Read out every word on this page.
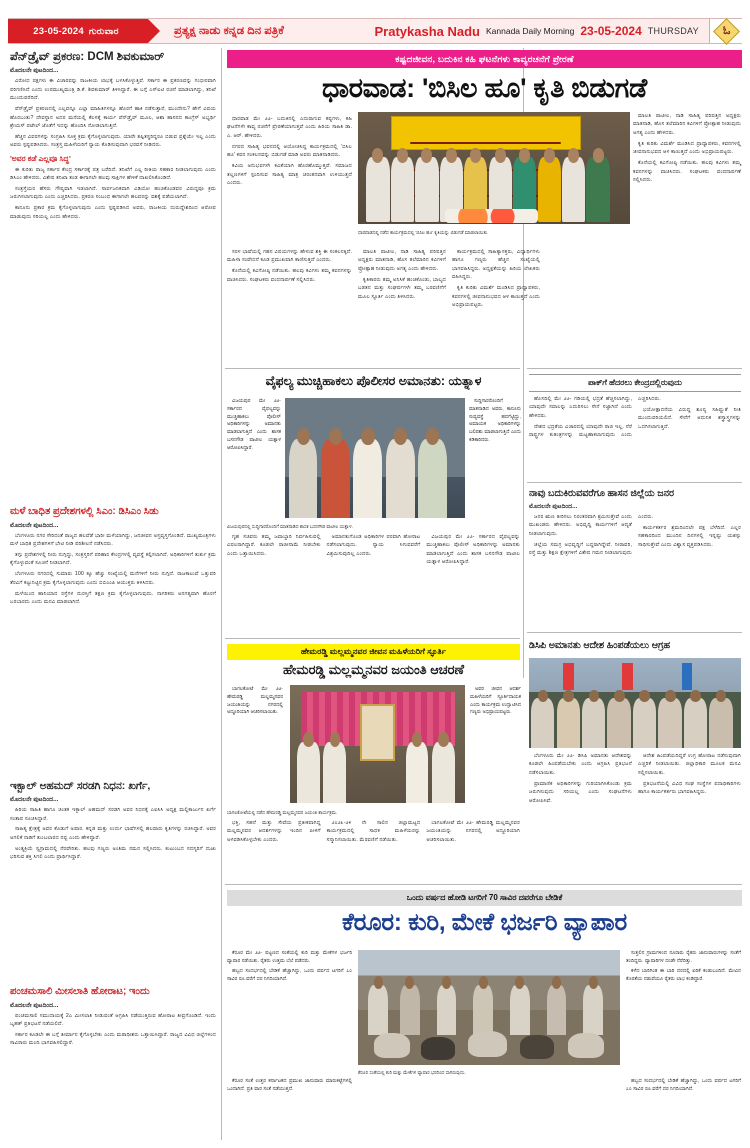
23-05-2024 ಗುರುವಾರ	ಪ್ರತ್ಯಕ್ಷ ನಾಡು ಕನ್ನಡ ದಿನ ಪತ್ರಿಕೆ	Pratykasha Nadu Kannada Daily Morning 23-05-2024 THURSDAY ಓ
ಪೆನ್‌ಡ್ರೈವ್ ಪ್ರಕರಣ: DCM ಶಿವಕುಮಾರ್
ಮೊದಲನೇ ಪುಟದಿಂದ...

ವಿರೋಧ ಪಕ್ಷಗಳು ಈ ವಿಚಾರವನ್ನು ರಾಜಕೀಯ ಲಾಭಕ್ಕೆ ಬಳಸಿಕೊಳ್ಳುತ್ತಿವೆ. ಸರ್ಕಾರ ಈ ಪ್ರಕರಣವನ್ನು ಗಂಭೀರವಾಗಿ ಪರಿಗಣಿಸಿದೆ ಎಂದು ಉಪಮುಖ್ಯಮಂತ್ರಿ ಡಿ.ಕೆ. ಶಿವಕುಮಾರ್ ತಿಳಿಸಿದ್ದಾರೆ. ಈ ಬಗ್ಗೆ ಎಸ್‌ಐಟಿ ರಚನೆ ಮಾಡಲಾಗಿದ್ದು, ತನಿಖೆ ಮುಂದುವರೆದಿದೆ.

ಪೆನ್‌ಡ್ರೈವ್ ಪ್ರಕರಣದಲ್ಲಿ ಎಲ್ಲವನ್ನೂ ಎಲ್ಲಾ ಮಾಹಿತಿಗಳನ್ನೂ ಹೊರಗೆ ಹಾಕಿ ನಡೆಸುತ್ತಾರೆ, ಮುಂದೇನು? ಹೇಗೆ ವಿಷಯ ಹೊರಬಂತು? ದೇವಸ್ಥಾನ ಅದರ ಮನೆಯಲ್ಲಿ ಕೆಲಸಕ್ಕೆ ಕಾರ್ಯ ಪೆನ್‌ಡ್ರೈವ್ ಮೂಲ, ಆಶಾ ಹಾಸನದ ಕಾಂಗ್ರೆಸ್ ಅಭ್ಯರ್ಥಿ ಶ್ರೇಯಸ್‌ ಪಟೇಲ್‌ ಜೊತೆಗೆ ಇದನ್ನು ಹೊಂದಿಸಿ ನೋಡಲಾಗುತ್ತಿದೆ.

ಹೆಚ್ಚಿನ ವಿವರಗಳನ್ನು ಸಂಗ್ರಹಿಸಿ ಸೂಕ್ತ ಕ್ರಮ ಕೈಗೊಳ್ಳಲಾಗುವುದು. ಯಾರೇ ತಪ್ಪಿತಸ್ಥರಿದ್ದರೂ ಬಿಡುವ ಪ್ರಶ್ನೆಯೇ ಇಲ್ಲ ಎಂದು ಅವರು ಸ್ಪಷ್ಟಪಡಿಸಿದರು. ಸಂತ್ರಸ್ತ ಮಹಿಳೆಯರಿಗೆ ನ್ಯಾಯ ಕೊಡಿಸುವುದಾಗಿ ಭರವಸೆ ನೀಡಿದರು.

'ಅವರ ಕಡೆ ಎಲ್ಲವೂ ಸಿದ್ಧ'

ಈ ಕುರಿತು ರಾಜ್ಯ ಸರ್ಕಾರ ಕೇಂದ್ರ ಸರ್ಕಾರಕ್ಕೆ ಪತ್ರ ಬರೆದಿದೆ. ತನಿಖೆಗೆ ಎಲ್ಲ ರೀತಿಯ ಸಹಕಾರ ನೀಡಲಾಗುವುದು ಎಂದು ಡಿಸಿಎಂ ಹೇಳಿದರು. ವಿಶೇಷ ತನಿಖಾ ತಂಡ ಈಗಾಗಲೇ ಹಲವು ಸಾಕ್ಷಿಗಳ ಹೇಳಿಕೆ ದಾಖಲಿಸಿಕೊಂಡಿದೆ.

ಸಂತ್ರಸ್ತೆಯರ ಹೆಸರು ಗೌಪ್ಯವಾಗಿ ಇಡಲಾಗಿದೆ. ಸಾರ್ವಜನಿಕವಾಗಿ ವಿಡಿಯೋ ಹಂಚಿಕೊಂಡವರ ವಿರುದ್ಧವೂ ಕ್ರಮ ಜರುಗಿಸಲಾಗುವುದು ಎಂದು ಎಚ್ಚರಿಸಿದರು. ಪ್ರಕರಣ ಸಂಬಂಧ ಈಗಾಗಲೇ ಹಲವರನ್ನು ವಶಕ್ಕೆ ಪಡೆಯಲಾಗಿದೆ.

ಕಾನೂನು ಪ್ರಕಾರ ಕ್ರಮ ಕೈಗೊಳ್ಳಲಾಗುವುದು ಎಂದು ಸ್ಪಷ್ಟಪಡಿಸಿದ ಅವರು, ರಾಜಕೀಯ ದುರುದ್ದೇಶದಿಂದ ಆರೋಪ ಮಾಡುವುದು ಸರಿಯಲ್ಲ ಎಂದು ಹೇಳಿದರು.

ಮಳೆ ಬಾಧಿತ ಪ್ರದೇಶಗಳಲ್ಲಿ ಸಿಎಂ: ಡಿಸಿಎಂ ಸಿಡು
ಮೊದಲನೇ ಪುಟದಿಂದ...

ಬೆಂಗಳೂರು ನಗರ ಸೇರಿದಂತೆ ರಾಜ್ಯದ ಹಲವೆಡೆ ಭಾರೀ ಮಳೆಯಾಗಿದ್ದು, ಜನಜೀವನ ಅಸ್ತವ್ಯಸ್ತಗೊಂಡಿದೆ. ಮುಖ್ಯಮಂತ್ರಿಗಳು ಮಳೆ ಬಾಧಿತ ಪ್ರದೇಶಗಳಿಗೆ ಭೇಟಿ ನೀಡಿ ಪರಿಶೀಲನೆ ನಡೆಸಿದರು.

ತಗ್ಗು ಪ್ರದೇಶಗಳಲ್ಲಿ ನೀರು ನುಗ್ಗಿದ್ದು, ಸಂತ್ರಸ್ತರಿಗೆ ಪರಿಹಾರ ಕೇಂದ್ರಗಳಲ್ಲಿ ವ್ಯವಸ್ಥೆ ಕಲ್ಪಿಸಲಾಗಿದೆ. ಅಧಿಕಾರಿಗಳಿಗೆ ತುರ್ತು ಕ್ರಮ ಕೈಗೊಳ್ಳುವಂತೆ ಸೂಚನೆ ನೀಡಲಾಗಿದೆ.

ಬೆಂಗಳೂರು ನಗರದಲ್ಲಿ ಸುಮಾರು 100 ಕ್ಕೂ ಹೆಚ್ಚು ಸಂಖ್ಯೆಯಲ್ಲಿ ಮನೆಗಳಿಗೆ ನೀರು ನುಗ್ಗಿದೆ. ರಾಜಕಾಲುವೆ ಒತ್ತುವರಿ ತೆರವಿಗೆ ಕಟ್ಟುನಿಟ್ಟಿನ ಕ್ರಮ ಕೈಗೊಳ್ಳಲಾಗುವುದು ಎಂದು ಬಿಬಿಎಂಪಿ ಆಯುಕ್ತರು ತಿಳಿಸಿದರು.

ಮಳೆಯಿಂದ ಹಾನಿಯಾದ ರಸ್ತೆಗಳ ದುರಸ್ತಿಗೆ ತಕ್ಷಣ ಕ್ರಮ ಕೈಗೊಳ್ಳಲಾಗುವುದು. ನಾಗರಿಕರು ಅನಗತ್ಯವಾಗಿ ಹೊರಗೆ ಬರಬಾರದು ಎಂದು ಮನವಿ ಮಾಡಲಾಗಿದೆ.

ಇಕ್ಬಾಲ್ ಅಹಮದ್ ಸರಡಗಿ ನಿಧನ: ಖರ್ಗೆ,
ಮೊದಲನೇ ಪುಟದಿಂದ...

ಹಿರಿಯ ಸಾಹಿತಿ ಹಾಗೂ ಚಿಂತಕ ಇಕ್ಬಾಲ್ ಅಹಮದ್ ಸರಡಗಿ ಅವರ ನಿಧನಕ್ಕೆ ಎಐಸಿಸಿ ಅಧ್ಯಕ್ಷ ಮಲ್ಲಿಕಾರ್ಜುನ ಖರ್ಗೆ ಸಂತಾಪ ಸೂಚಿಸಿದ್ದಾರೆ.

ಸಾಹಿತ್ಯ ಕ್ಷೇತ್ರಕ್ಕೆ ಅವರ ಕೊಡುಗೆ ಅಪಾರ. ಕನ್ನಡ ಮತ್ತು ಉರ್ದು ಭಾಷೆಗಳಲ್ಲಿ ಹಲವಾರು ಕೃತಿಗಳನ್ನು ರಚಿಸಿದ್ದಾರೆ. ಅವರ ಅಗಲಿಕೆ ನಾಡಿಗೆ ತುಂಬಲಾರದ ನಷ್ಟ ಎಂದು ಹೇಳಿದ್ದಾರೆ.

ಅಂತ್ಯಕ್ರಿಯೆ ಸ್ವಗ್ರಾಮದಲ್ಲಿ ನೆರವೇರಿತು. ಹಲವು ಗಣ್ಯರು ಅಂತಿಮ ನಮನ ಸಲ್ಲಿಸಿದರು. ಕುಟುಂಬದ ಸದಸ್ಯರಿಗೆ ದುಃಖ ಭರಿಸುವ ಶಕ್ತಿ ಸಿಗಲಿ ಎಂದು ಪ್ರಾರ್ಥಿಸಿದ್ದಾರೆ.

ಪಂಚಮಸಾಲಿ ಮೀಸಲಾತಿ ಹೋರಾಟ; ಇಂದು
ಮೊದಲನೇ ಪುಟದಿಂದ...

ಪಂಚಮಸಾಲಿ ಸಮುದಾಯಕ್ಕೆ 2ಎ ಮೀಸಲಾತಿ ನೀಡುವಂತೆ ಆಗ್ರಹಿಸಿ ನಡೆಯುತ್ತಿರುವ ಹೋರಾಟ ತೀವ್ರಗೊಂಡಿದೆ. ಇಂದು ಬೃಹತ್ ಪ್ರತಿಭಟನೆ ನಡೆಯಲಿದೆ.

ಸರ್ಕಾರ ಕೂಡಲೇ ಈ ಬಗ್ಗೆ ತೀರ್ಮಾನ ಕೈಗೊಳ್ಳಬೇಕು ಎಂದು ಮಠಾಧೀಶರು ಒತ್ತಾಯಿಸಿದ್ದಾರೆ. ರಾಜ್ಯದ ವಿವಿಧ ಜಿಲ್ಲೆಗಳಿಂದ ಸಾವಿರಾರು ಮಂದಿ ಭಾಗವಹಿಸಲಿದ್ದಾರೆ.

ಕಷ್ಟದಜೀವನ, ಬದುಕಿನ ಕಹಿ ಘಟನೆಗಳು ಕಾವ್ಯರಚನೆಗೆ ಪ್ರೇರಣೆ
ಧಾರವಾಡ: 'ಬಿಸಿಲ ಹೂ' ಕೃತಿ ಬಿಡುಗಡೆ

ಧಾರವಾಡ ಮೇ ೨೨- ಬದುಕಿನಲ್ಲಿ ಎದುರಾಗುವ ಕಷ್ಟಗಳು, ಕಹಿ ಘಟನೆಗಳೇ ಕಾವ್ಯ ರಚನೆಗೆ ಪ್ರೇರಣೆಯಾಗುತ್ತವೆ ಎಂದು ಹಿರಿಯ ಸಾಹಿತಿ ಡಾ. ಎ. ಆರ್. ಹೇಳಿದರು.

ನಗರದ ಸಾಹಿತ್ಯ ಭವನದಲ್ಲಿ ಆಯೋಜಿಸಿದ್ದ ಕಾರ್ಯಕ್ರಮದಲ್ಲಿ 'ಬಿಸಿಲ ಹೂ' ಕವನ ಸಂಕಲನವನ್ನು ಬಿಡುಗಡೆ ಮಾಡಿ ಅವರು ಮಾತನಾಡಿದರು.

ಕವಿಯ ಅನುಭವಗಳೇ ಕವಿತೆಯಾಗಿ ಹೊರಹೊಮ್ಮುತ್ತವೆ. ಸಮಾಜದ ತಲ್ಲಣಗಳಿಗೆ ಸ್ಪಂದಿಸುವ ಸಾಹಿತ್ಯ ಮಾತ್ರ ಚಿರಂತನವಾಗಿ ಉಳಿಯುತ್ತದೆ ಎಂದರು.

ಧಾರವಾಡದಲ್ಲಿ ನಡೆದ ಕಾರ್ಯಕ್ರಮದಲ್ಲಿ 'ಬಿಸಿಲ ಹೂ' ಕೃತಿಯನ್ನು ಬಿಡುಗಡೆ ಮಾಡಲಾಯಿತು.

ಮಾಲತಿ ಪಾಟೀಲ, ನಾಡಿ ಸಾಹಿತ್ಯ ಪರಿಷತ್ತಿನ ಅಧ್ಯಕ್ಷರು ಮಾತನಾಡಿ, ಹೊಸ ತಲೆಮಾರಿನ ಕವಿಗಳಿಗೆ ಪ್ರೋತ್ಸಾಹ ನೀಡುವುದು ಅಗತ್ಯ ಎಂದು ಹೇಳಿದರು.

ಕೃತಿಕಾರರು ತಮ್ಮ ಅನಿಸಿಕೆ ಹಂಚಿಕೊಂಡು, ಬಾಲ್ಯದ ಬಡತನ ಮತ್ತು ಸಂಘರ್ಷಗಳೇ ತಮ್ಮ ಬರವಣಿಗೆಗೆ ಮೂಲ ಸ್ಫೂರ್ತಿ ಎಂದು ತಿಳಿಸಿದರು.

ಕಾರ್ಯಕ್ರಮದಲ್ಲಿ ಸಾಹಿತ್ಯಾಸಕ್ತರು, ವಿದ್ಯಾರ್ಥಿಗಳು ಹಾಗೂ ಗಣ್ಯರು ಹೆಚ್ಚಿನ ಸಂಖ್ಯೆಯಲ್ಲಿ ಭಾಗವಹಿಸಿದ್ದರು. ಅಧ್ಯಕ್ಷತೆಯನ್ನು ಹಿರಿಯ ಲೇಖಕರು ವಹಿಸಿದ್ದರು.

ಕೃತಿ ಕುರಿತು ವಿಮರ್ಶೆ ಮಂಡಿಸಿದ ಪ್ರಾಧ್ಯಾಪಕರು, ಕವನಗಳಲ್ಲಿ ಜೀವನಾನುಭವದ ಆಳ ಕಾಣುತ್ತದೆ ಎಂದು ಅಭಿಪ್ರಾಯಪಟ್ಟರು.

ಸರಳ ಭಾಷೆಯಲ್ಲಿ ಗಹನ ವಿಷಯಗಳನ್ನು ಹೇಳುವ ಶಕ್ತಿ ಈ ಸಂಕಲನಕ್ಕಿದೆ. ಮಹಿಳಾ ಸಂವೇದನೆ ಕೂಡ ಪ್ರಮುಖವಾಗಿ ಕಾಣಿಸುತ್ತದೆ ಎಂದರು.

ಕೊನೆಯಲ್ಲಿ ಕವಿಗೋಷ್ಠಿ ನಡೆಯಿತು. ಹಲವು ಕವಿಗಳು ತಮ್ಮ ಕವನಗಳನ್ನು ವಾಚಿಸಿದರು. ಸಂಘಟಕರು ವಂದನಾರ್ಪಣೆ ಸಲ್ಲಿಸಿದರು.

ಮಾಲತಿ ಪಾಟೀಲ, ನಾಡಿ ಸಾಹಿತ್ಯ ಪರಿಷತ್ತಿನ ಅಧ್ಯಕ್ಷರು ಮಾತನಾಡಿ, ಹೊಸ ತಲೆಮಾರಿನ ಕವಿಗಳಿಗೆ ಪ್ರೋತ್ಸಾಹ ನೀಡುವುದು ಅಗತ್ಯ ಎಂದು ಹೇಳಿದರು.

ಕೃತಿ ಕುರಿತು ವಿಮರ್ಶೆ ಮಂಡಿಸಿದ ಪ್ರಾಧ್ಯಾಪಕರು, ಕವನಗಳಲ್ಲಿ ಜೀವನಾನುಭವದ ಆಳ ಕಾಣುತ್ತದೆ ಎಂದು ಅಭಿಪ್ರಾಯಪಟ್ಟರು.

ಕೊನೆಯಲ್ಲಿ ಕವಿಗೋಷ್ಠಿ ನಡೆಯಿತು. ಹಲವು ಕವಿಗಳು ತಮ್ಮ ಕವನಗಳನ್ನು ವಾಚಿಸಿದರು. ಸಂಘಟಕರು ವಂದನಾರ್ಪಣೆ ಸಲ್ಲಿಸಿದರು.

ವೈಫಲ್ಯ ಮುಚ್ಚಿಹಾಕಲು ಪೊಲೀಸರ ಅಮಾನತು: ಯತ್ನಾಳ

ವಿಜಯಪುರ ಮೇ ೨೨- ಸರ್ಕಾರದ ವೈಫಲ್ಯವನ್ನು ಮುಚ್ಚಿಹಾಕಲು ಪೊಲೀಸ್ ಅಧಿಕಾರಿಗಳನ್ನು ಅಮಾನತು ಮಾಡಲಾಗುತ್ತಿದೆ ಎಂದು ಶಾಸಕ ಬಸನಗೌಡ ಪಾಟೀಲ ಯತ್ನಾಳ ಆರೋಪಿಸಿದ್ದಾರೆ.

ಸುದ್ದಿಗಾರರೊಂದಿಗೆ ಮಾತನಾಡಿದ ಅವರು, ಕಾನೂನು ಸುವ್ಯವಸ್ಥೆ ಹದಗೆಟ್ಟಿದ್ದು, ಅಮಾಯಕ ಅಧಿಕಾರಿಗಳನ್ನು ಬಲಿಪಶು ಮಾಡಲಾಗುತ್ತಿದೆ ಎಂದು ಕಿಡಿಕಾರಿದರು.

ವಿಜಯಪುರದಲ್ಲಿ ಸುದ್ದಿಗಾರರೊಂದಿಗೆ ಮಾತನಾಡಿದ ಶಾಸಕ ಬಸನಗೌಡ ಪಾಟೀಲ ಯತ್ನಾಳ.

ಗೃಹ ಸಚಿವರು ತಮ್ಮ ಜವಾಬ್ದಾರಿ ನಿರ್ವಹಿಸುವಲ್ಲಿ ವಿಫಲರಾಗಿದ್ದಾರೆ. ಕೂಡಲೇ ರಾಜೀನಾಮೆ ನೀಡಬೇಕು ಎಂದು ಒತ್ತಾಯಿಸಿದರು.

ಅಮಾನತುಗೊಂಡ ಅಧಿಕಾರಿಗಳ ಪರವಾಗಿ ಹೋರಾಟ ನಡೆಸಲಾಗುವುದು. ನ್ಯಾಯ ಸಿಗುವವರೆಗೆ ವಿಶ್ರಮಿಸುವುದಿಲ್ಲ ಎಂದರು.

ವಿಜಯಪುರ ಮೇ ೨೨- ಸರ್ಕಾರದ ವೈಫಲ್ಯವನ್ನು ಮುಚ್ಚಿಹಾಕಲು ಪೊಲೀಸ್ ಅಧಿಕಾರಿಗಳನ್ನು ಅಮಾನತು ಮಾಡಲಾಗುತ್ತಿದೆ ಎಂದು ಶಾಸಕ ಬಸನಗೌಡ ಪಾಟೀಲ ಯತ್ನಾಳ ಆರೋಪಿಸಿದ್ದಾರೆ.

ಹೇಮರಡ್ಡಿ ಮಲ್ಲಮ್ಮನವರ ಜೀವನ ಮಹಿಳೆಯರಿಗೆ ಸ್ಫೂರ್ತಿ
ಹೇಮರಡ್ಡಿ ಮಲ್ಲಮ್ಮನವರ ಜಯಂತಿ ಆಚರಣೆ

ಬಾಗಲಕೋಟೆ ಮೇ ೨೨- ಹೇಮರಡ್ಡಿ ಮಲ್ಲಮ್ಮನವರ ಜಯಂತಿಯನ್ನು ನಗರದಲ್ಲಿ ಅದ್ಧೂರಿಯಾಗಿ ಆಚರಿಸಲಾಯಿತು.

ಅವರ ಜೀವನ ಆದರ್ಶ ಮಹಿಳೆಯರಿಗೆ ಸ್ಫೂರ್ತಿದಾಯಕ ಎಂದು ಕಾರ್ಯಕ್ರಮ ಉದ್ಘಾಟಿಸಿದ ಗಣ್ಯರು ಅಭಿಪ್ರಾಯಪಟ್ಟರು.

ಬಾಗಲಕೋಟೆಯಲ್ಲಿ ನಡೆದ ಹೇಮರಡ್ಡಿ ಮಲ್ಲಮ್ಮನವರ ಜಯಂತಿ ಕಾರ್ಯಕ್ರಮ.

ಭಕ್ತಿ, ಸಹನೆ ಮತ್ತು ಸೇವೆಯ ಪ್ರತೀಕವಾಗಿದ್ದ ಮಲ್ಲಮ್ಮನವರ ಆದರ್ಶಗಳನ್ನು ಇಂದಿನ ಪೀಳಿಗೆ ಅಳವಡಿಸಿಕೊಳ್ಳಬೇಕು ಎಂದರು.

೨೦೨೩-೨೪ ನೇ ಸಾಲಿನ ಜಿಲ್ಲಾಮಟ್ಟದ ಕಾರ್ಯಕ್ರಮದಲ್ಲಿ ಸಾಧಕ ಮಹಿಳೆಯರನ್ನು ಸನ್ಮಾನಿಸಲಾಯಿತು. ಮೆರವಣಿಗೆ ನಡೆಯಿತು.

ಬಾಗಲಕೋಟೆ ಮೇ ೨೨- ಹೇಮರಡ್ಡಿ ಮಲ್ಲಮ್ಮನವರ ಜಯಂತಿಯನ್ನು ನಗರದಲ್ಲಿ ಅದ್ಧೂರಿಯಾಗಿ ಆಚರಿಸಲಾಯಿತು.

ಪಾಕ್‌ಗೆ ಹೆದರಲು ಕೇಂದ್ರದಲ್ಲಿರುವುದು

ಹೊಸದಿಲ್ಲಿ ಮೇ ೨೨- ಗಡಿಯಲ್ಲಿ ಭದ್ರತೆ ಹೆಚ್ಚಿಸಲಾಗಿದ್ದು, ಯಾವುದೇ ಸವಾಲನ್ನು ಎದುರಿಸಲು ಸೇನೆ ಸಜ್ಜಾಗಿದೆ ಎಂದು ಹೇಳಿದರು.

ದೇಶದ ಭದ್ರತೆಯ ವಿಚಾರದಲ್ಲಿ ಯಾವುದೇ ರಾಜಿ ಇಲ್ಲ. ನೆರೆ ರಾಷ್ಟ್ರಗಳ ಕುತಂತ್ರಗಳನ್ನು ಮಟ್ಟಹಾಕಲಾಗುವುದು ಎಂದು ಎಚ್ಚರಿಸಿದರು.

ಭಯೋತ್ಪಾದನೆಯ ವಿರುದ್ಧ ಶೂನ್ಯ ಸಹಿಷ್ಣುತೆ ನೀತಿ ಮುಂದುವರಿಯಲಿದೆ. ಸೇನೆಗೆ ಆಧುನಿಕ ಶಸ್ತ್ರಾಸ್ತ್ರಗಳನ್ನು ಒದಗಿಸಲಾಗುತ್ತಿದೆ.

ನಾವು ಬದುಕಿರುವವರೆಗೂ ಹಾಸನ ಜಿಲ್ಲೆಯ ಜನರ
ಮೊದಲನೇ ಪುಟದಿಂದ...

ಜನರ ಋಣ ತೀರಿಸಲು ನಿರಂತರವಾಗಿ ಶ್ರಮಿಸುತ್ತೇವೆ ಎಂದು ಮುಖಂಡರು ಹೇಳಿದರು. ಅಭಿವೃದ್ಧಿ ಕಾರ್ಯಗಳಿಗೆ ಆದ್ಯತೆ ನೀಡಲಾಗುವುದು.

ಜಿಲ್ಲೆಯ ಸಮಗ್ರ ಅಭಿವೃದ್ಧಿಗೆ ಬದ್ಧರಾಗಿದ್ದೇವೆ. ನೀರಾವರಿ, ರಸ್ತೆ ಮತ್ತು ಶಿಕ್ಷಣ ಕ್ಷೇತ್ರಗಳಿಗೆ ವಿಶೇಷ ಗಮನ ನೀಡಲಾಗುವುದು ಎಂದರು.

ಕಾರ್ಯಕರ್ತರ ಶ್ರಮದಿಂದಲೇ ಪಕ್ಷ ಬೆಳೆದಿದೆ. ಎಲ್ಲರ ಸಹಕಾರದಿಂದ ಮುಂದಿನ ದಿನಗಳಲ್ಲಿ ಇನ್ನಷ್ಟು ಯಶಸ್ಸು ಸಾಧಿಸುತ್ತೇವೆ ಎಂದು ವಿಶ್ವಾಸ ವ್ಯಕ್ತಪಡಿಸಿದರು.

ಡಿಸಿಪಿ ಅಮಾನತು ಆದೇಶ ಹಿಂಪಡೆಯಲು ಆಗ್ರಹ

ಬೆಂಗಳೂರು ಮೇ ೨೨- ಡಿಸಿಪಿ ಅಮಾನತು ಆದೇಶವನ್ನು ಕೂಡಲೇ ಹಿಂಪಡೆಯಬೇಕು ಎಂದು ಆಗ್ರಹಿಸಿ ಪ್ರತಿಭಟನೆ ನಡೆಸಲಾಯಿತು.

ಪ್ರಾಮಾಣಿಕ ಅಧಿಕಾರಿಗಳನ್ನು ಗುರಿಯಾಗಿಸಿಕೊಂಡು ಕ್ರಮ ಜರುಗಿಸುವುದು ಸರಿಯಲ್ಲ ಎಂದು ಸಂಘಟನೆಗಳು ಆರೋಪಿಸಿವೆ.

ಆದೇಶ ಹಿಂಪಡೆಯದಿದ್ದರೆ ಉಗ್ರ ಹೋರಾಟ ನಡೆಸುವುದಾಗಿ ಎಚ್ಚರಿಕೆ ನೀಡಲಾಯಿತು. ಜಿಲ್ಲಾಧಿಕಾರಿ ಮೂಲಕ ಮನವಿ ಸಲ್ಲಿಸಲಾಯಿತು.

ಪ್ರತಿಭಟನೆಯಲ್ಲಿ ವಿವಿಧ ಸಂಘ ಸಂಸ್ಥೆಗಳ ಪದಾಧಿಕಾರಿಗಳು ಹಾಗೂ ಕಾರ್ಯಕರ್ತರು ಭಾಗವಹಿಸಿದ್ದರು.

ಒಂದು ವರ್ಷದ ಹೋಡಿ ಟಗರಿಗೆ 70 ಸಾವಿರ ದವರೆಗೂ ಬೇಡಿಕೆ
ಕೆರೂರ: ಕುರಿ, ಮೇಕೆ ಭರ್ಜರಿ ವ್ಯಾಪಾರ

ಕೆರೂರ ಮೇ ೨೨- ಪಟ್ಟಣದ ಸಂತೆಯಲ್ಲಿ ಕುರಿ ಮತ್ತು ಮೇಕೆಗಳ ಭರ್ಜರಿ ವ್ಯಾಪಾರ ನಡೆಯಿತು. ರೈತರು ಉತ್ತಮ ಬೆಲೆ ಪಡೆದರು.

ಹಬ್ಬದ ಸಂದರ್ಭದಲ್ಲಿ ಬೇಡಿಕೆ ಹೆಚ್ಚಾಗಿದ್ದು, ಒಂದು ವರ್ಷದ ಟಗರಿಗೆ ೭೦ ಸಾವಿರ ರೂ.ವರೆಗೆ ದರ ನಿಗದಿಯಾಗಿದೆ.

ಸುತ್ತಲಿನ ಗ್ರಾಮಗಳಿಂದ ನೂರಾರು ರೈತರು ಜಾನುವಾರುಗಳನ್ನು ಸಂತೆಗೆ ತಂದಿದ್ದರು. ವ್ಯಾಪಾರಿಗಳ ದಂಡೇ ನೆರೆದಿತ್ತು.

ಕಳೆದ ಬಾರಿಗಿಂತ ಈ ಬಾರಿ ದರದಲ್ಲಿ ಏರಿಕೆ ಕಂಡುಬಂದಿದೆ. ಮೇವಿನ ಕೊರತೆಯ ನಡುವೆಯೂ ರೈತರು ಲಾಭ ಕಂಡಿದ್ದಾರೆ.

ಕೆರೂರ ಸಂತೆಯಲ್ಲಿ ಕುರಿ ಮತ್ತು ಮೇಕೆಗಳ ವ್ಯಾಪಾರ ಭರದಿಂದ ಸಾಗಿರುವುದು.

ಕೆರೂರ ಸಂತೆ ಉತ್ತರ ಕರ್ನಾಟಕದ ಪ್ರಮುಖ ಜಾನುವಾರು ಮಾರುಕಟ್ಟೆಗಳಲ್ಲಿ ಒಂದಾಗಿದೆ. ಪ್ರತಿ ವಾರ ಸಂತೆ ನಡೆಯುತ್ತದೆ.

ಹಬ್ಬದ ಸಂದರ್ಭದಲ್ಲಿ ಬೇಡಿಕೆ ಹೆಚ್ಚಾಗಿದ್ದು, ಒಂದು ವರ್ಷದ ಟಗರಿಗೆ ೭೦ ಸಾವಿರ ರೂ.ವರೆಗೆ ದರ ನಿಗದಿಯಾಗಿದೆ.
